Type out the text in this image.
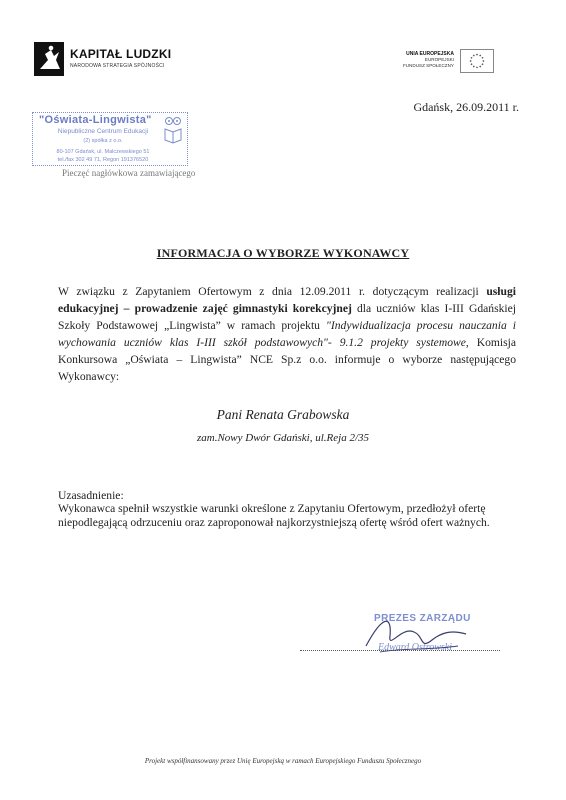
KAPITAŁ LUDZKI
NARODOWA STRATEGIA SPÓJNOŚCI
UNIA EUROPEJSKA
EUROPEJSKI
FUNDUSZ SPOŁECZNY
Gdańsk, 26.09.2011 r.
"Oświata-Lingwista"
Niepubliczne Centrum Edukacji
(2) spółka z o.o.
80-107 Gdańsk, ul. Malczewskiego 51
tel./fax 302 49 71, Regon 191376520
Pieczęć nagłówkowa zamawiającego
INFORMACJA O WYBORZE WYKONAWCY
W związku z Zapytaniem Ofertowym z dnia 12.09.2011 r. dotyczącym realizacji usługi edukacyjnej – prowadzenie zajęć gimnastyki korekcyjnej dla uczniów klas I-III Gdańskiej Szkoły Podstawowej „Lingwista” w ramach projektu "Indywidualizacja procesu nauczania i wychowania uczniów klas I-III szkół podstawowych"- 9.1.2 projekty systemowe, Komisja Konkursowa „Oświata – Lingwista” NCE Sp.z o.o. informuje o wyborze następującego Wykonawcy:
Pani Renata Grabowska
zam.Nowy Dwór Gdański, ul.Reja 2/35
Uzasadnienie:
Wykonawca spełnił wszystkie warunki określone z Zapytaniu Ofertowym, przedłożył ofertę niepodlegającą odrzuceniu oraz zaproponował najkorzystniejszą ofertę wśród ofert ważnych.
PREZES ZARZĄDU
Edward Ostrowski
Projekt współfinansowany przez Unię Europejską w ramach Europejskiego Funduszu Społecznego
